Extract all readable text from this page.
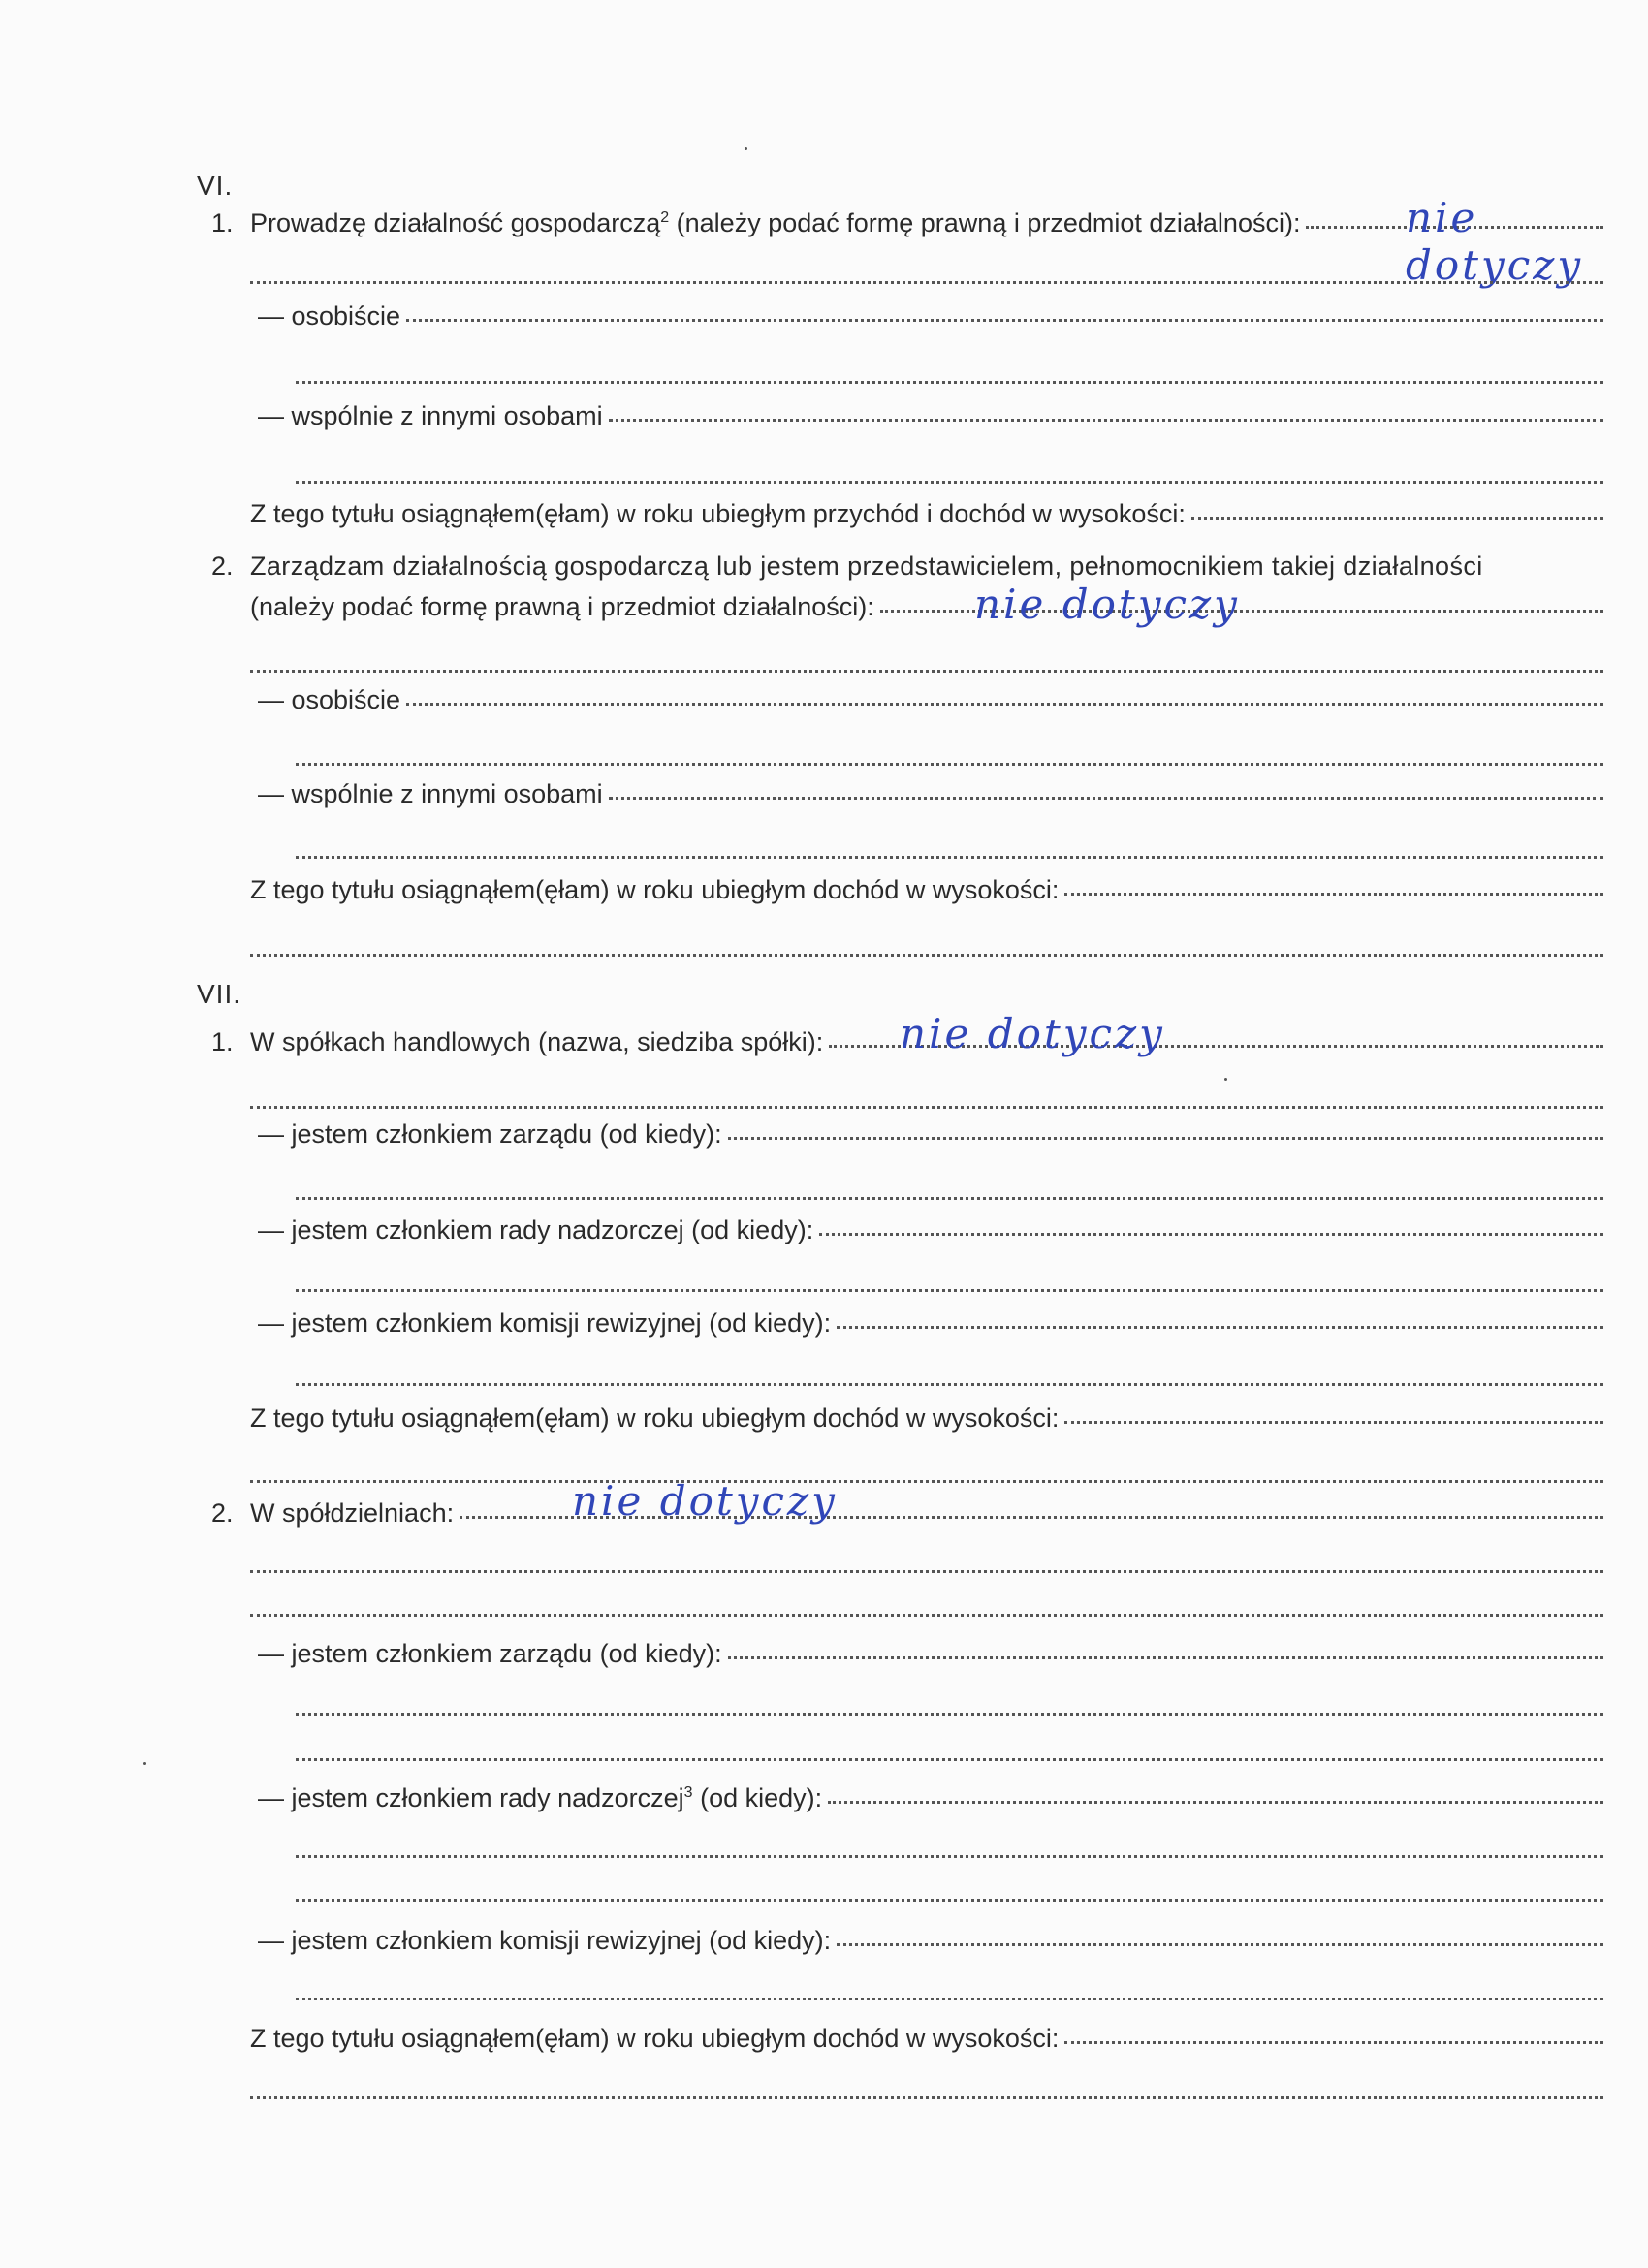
VI.
1. Prowadzę działalność gospodarczą$^2$ (należy podać formę prawną i przedmiot działalności):	nie dotyczy
— osobiście
— wspólnie z innymi osobami
Z tego tytułu osiągnąłem(ęłam) w roku ubiegłym przychód i dochód w wysokości:
2. Zarządzam działalnością gospodarczą lub jestem przedstawicielem, pełnomocnikiem takiej działalności
(należy podać formę prawną i przedmiot działalności): nie dotyczy
— osobiście
— wspólnie z innymi osobami
Z tego tytułu osiągnąłem(ęłam) w roku ubiegłym dochód w wysokości:
VII.
1. W spółkach handlowych (nazwa, siedziba spółki): nie dotyczy
— jestem członkiem zarządu (od kiedy):
— jestem członkiem rady nadzorczej (od kiedy):
— jestem członkiem komisji rewizyjnej (od kiedy):
Z tego tytułu osiągnąłem(ęłam) w roku ubiegłym dochód w wysokości:
2. W spółdzielniach:	nie dotyczy
— jestem członkiem zarządu (od kiedy):
— jestem członkiem rady nadzorczej$^3$ (od kiedy):
— jestem członkiem komisji rewizyjnej (od kiedy):
Z tego tytułu osiągnąłem(ęłam) w roku ubiegłym dochód w wysokości:
